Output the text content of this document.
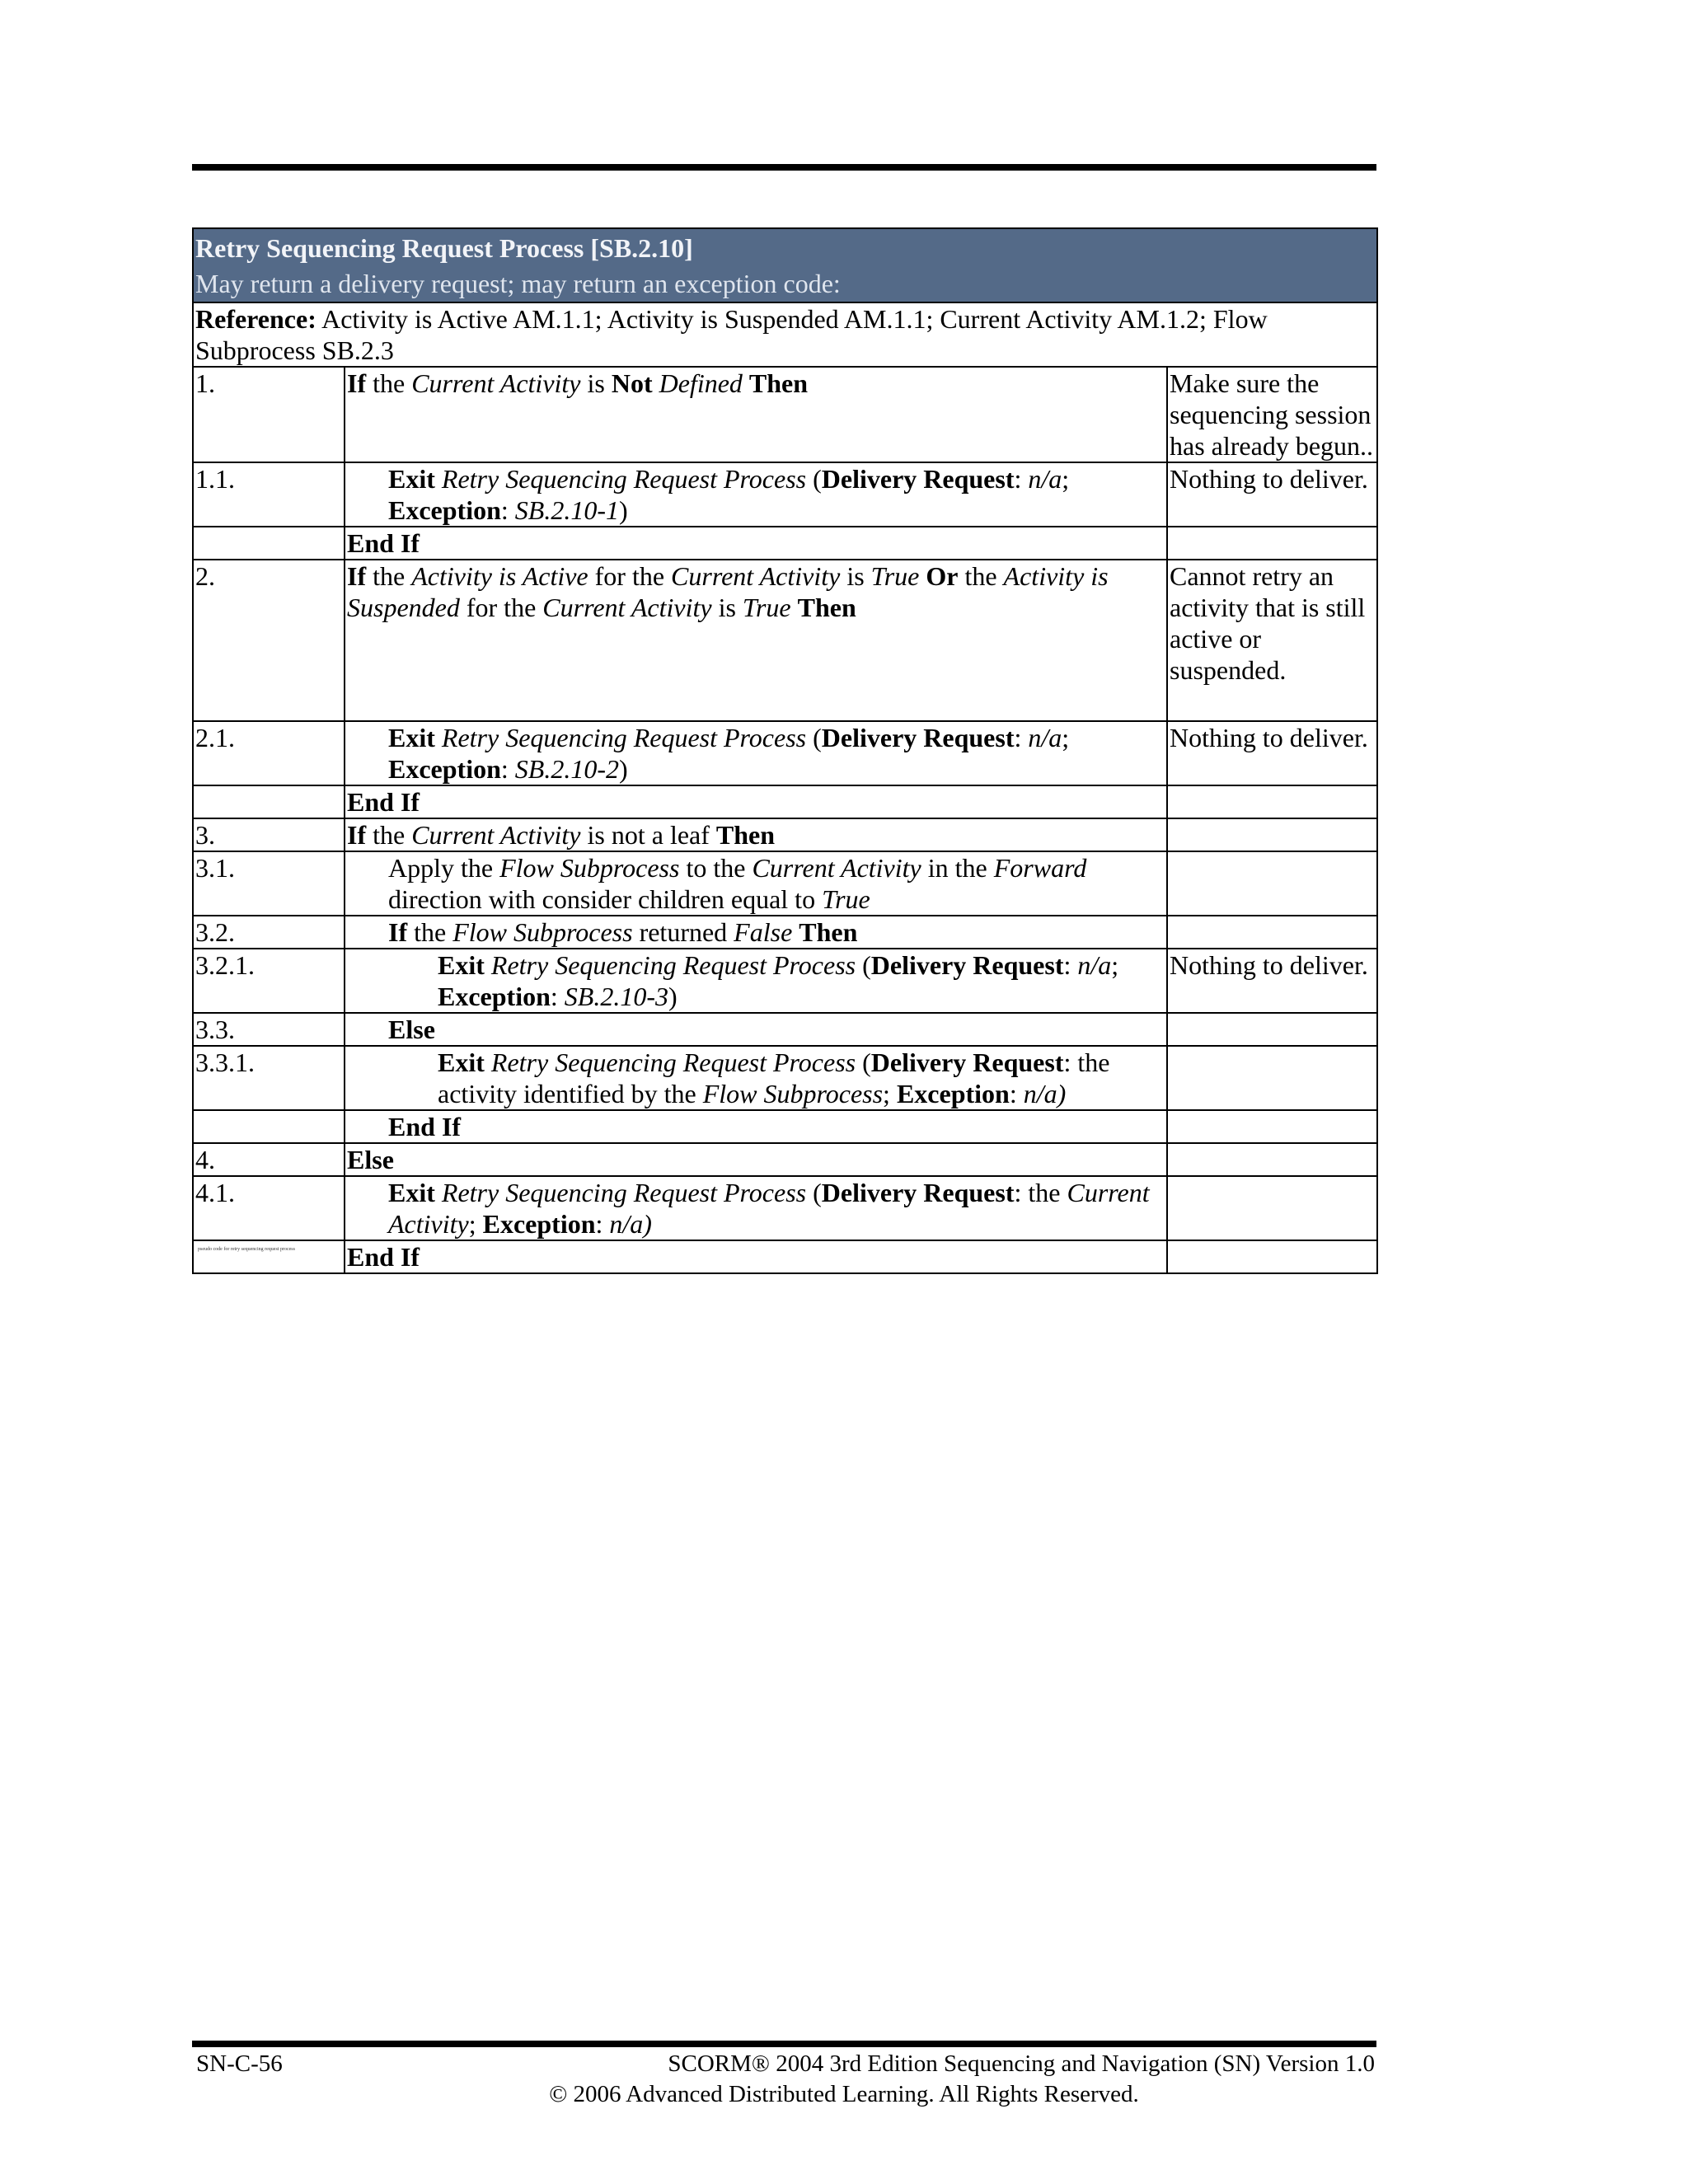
Retry Sequencing Request Process [SB.2.10]
May return a delivery request; may return an exception code:		

Reference: Activity is Active AM.1.1; Activity is Suspended AM.1.1; Current Activity AM.1.2; Flow Subprocess SB.2.3		
1.	If the Current Activity is Not Defined Then	Make sure the sequencing session has already begun..
1.1.	Exit Retry Sequencing Request Process (Delivery Request: n/a; Exception: SB.2.10-1)	Nothing to deliver.
	End If	
2.	If the Activity is Active for the Current Activity is True Or the Activity is Suspended for the Current Activity is True Then	Cannot retry an activity that is still active or suspended.
2.1.	Exit Retry Sequencing Request Process (Delivery Request: n/a; Exception: SB.2.10-2)	Nothing to deliver.
	End If	
3.	If the Current Activity is not a leaf Then	
3.1.	Apply the Flow Subprocess to the Current Activity in the Forward direction with consider children equal to True	
3.2.	If the Flow Subprocess returned False Then	
3.2.1.	Exit Retry Sequencing Request Process (Delivery Request: n/a; Exception: SB.2.10-3)	Nothing to deliver.
3.3.	Else	
3.3.1.	Exit Retry Sequencing Request Process (Delivery Request: the activity identified by the Flow Subprocess; Exception: n/a)	
	End If	
4.	Else	
4.1.	Exit Retry Sequencing Request Process (Delivery Request: the Current Activity; Exception: n/a)	
	End If	
pseudo code for retry sequencing request process
SN-C-56	SCORM® 2004 3rd Edition Sequencing and Navigation (SN) Version 1.0
© 2006 Advanced Distributed Learning. All Rights Reserved.
